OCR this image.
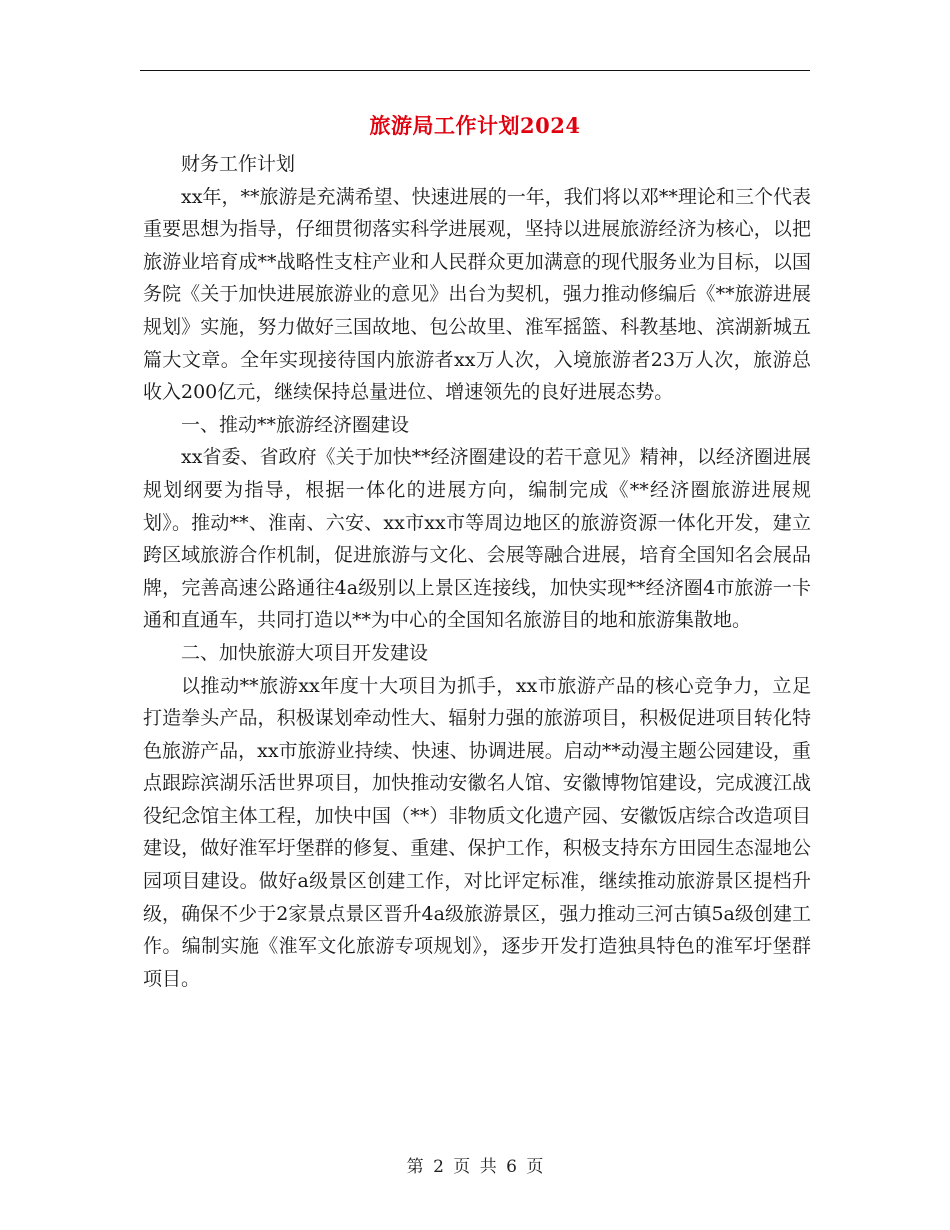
旅游局工作计划2024

财务工作计划

xx年，**旅游是充满希望、快速进展的一年，我们将以邓**理论和三个代表重要思想为指导，仔细贯彻落实科学进展观，坚持以进展旅游经济为核心，以把旅游业培育成**战略性支柱产业和人民群众更加满意的现代服务业为目标，以国务院《关于加快进展旅游业的意见》出台为契机，强力推动修编后《**旅游进展规划》实施，努力做好三国故地、包公故里、淮军摇篮、科教基地、滨湖新城五篇大文章。全年实现接待国内旅游者xx万人次，入境旅游者23万人次，旅游总收入200亿元，继续保持总量进位、增速领先的良好进展态势。

一、推动**旅游经济圈建设

xx省委、省政府《关于加快**经济圈建设的若干意见》精神，以经济圈进展规划纲要为指导，根据一体化的进展方向，编制完成《**经济圈旅游进展规划》。推动**、淮南、六安、xx市xx市等周边地区的旅游资源一体化开发，建立跨区域旅游合作机制，促进旅游与文化、会展等融合进展，培育全国知名会展品牌，完善高速公路通往4a级别以上景区连接线，加快实现**经济圈4市旅游一卡通和直通车，共同打造以**为中心的全国知名旅游目的地和旅游集散地。

二、加快旅游大项目开发建设

以推动**旅游xx年度十大项目为抓手，xx市旅游产品的核心竞争力，立足打造拳头产品，积极谋划牵动性大、辐射力强的旅游项目，积极促进项目转化特色旅游产品，xx市旅游业持续、快速、协调进展。启动**动漫主题公园建设，重点跟踪滨湖乐活世界项目，加快推动安徽名人馆、安徽博物馆建设，完成渡江战役纪念馆主体工程，加快中国（**）非物质文化遗产园、安徽饭店综合改造项目建设，做好淮军圩堡群的修复、重建、保护工作，积极支持东方田园生态湿地公园项目建设。做好a级景区创建工作，对比评定标准，继续推动旅游景区提档升级，确保不少于2家景点景区晋升4a级旅游景区，强力推动三河古镇5a级创建工作。编制实施《淮军文化旅游专项规划》，逐步开发打造独具特色的淮军圩堡群项目。

第 2 页 共 6 页
